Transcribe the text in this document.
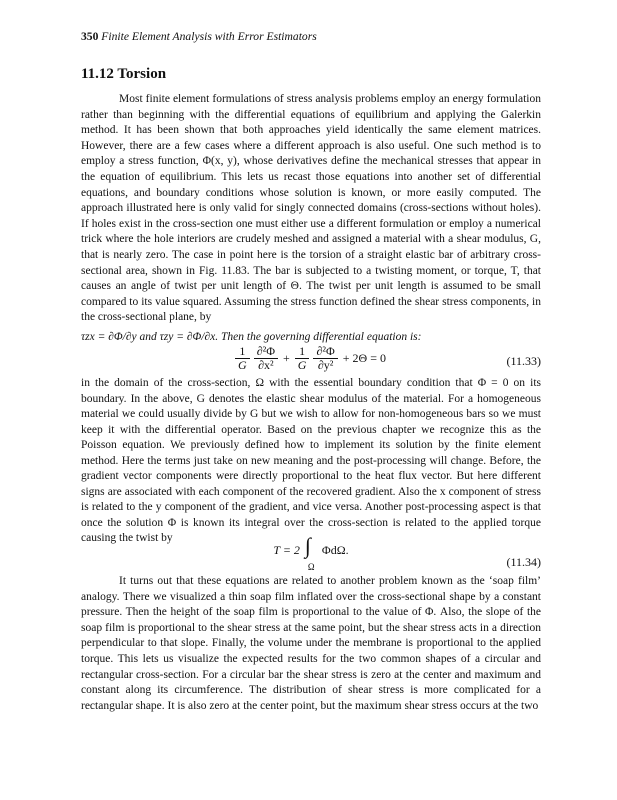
350 Finite Element Analysis with Error Estimators
11.12 Torsion

Most finite element formulations of stress analysis problems employ an energy formulation rather than beginning with the differential equations of equilibrium and applying the Galerkin method. It has been shown that both approaches yield identically the same element matrices. However, there are a few cases where a different approach is also useful. One such method is to employ a stress function, Φ(x, y), whose derivatives define the mechanical stresses that appear in the equation of equilibrium. This lets us recast those equations into another set of differential equations, and boundary conditions whose solution is known, or more easily computed. The approach illustrated here is only valid for singly connected domains (cross-sections without holes). If holes exist in the cross-section one must either use a different formulation or employ a numerical trick where the hole interiors are crudely meshed and assigned a material with a shear modulus, G, that is nearly zero. The case in point here is the torsion of a straight elastic bar of arbitrary cross-sectional area, shown in Fig. 11.83. The bar is subjected to a twisting moment, or torque, T, that causes an angle of twist per unit length of Θ. The twist per unit length is assumed to be small compared to its value squared. Assuming the stress function defined the shear stress components, in the cross-sectional plane, by

$\frac{1}{G} \frac{\text{∂²Φ}}{\text{∂x²}} + \frac{1}{G} \frac{\text{∂²Φ}}{\text{∂y²}} + 2\Theta = 0$	(11.33)
τzx = ∂Φ/∂y and τzy = ∂Φ/∂x. Then the governing differential equation is:

in the domain of the cross-section, Ω with the essential boundary condition that Φ = 0 on its boundary. In the above, G denotes the elastic shear modulus of the material. For a homogeneous material we could usually divide by G but we wish to allow for non-homogeneous bars so we must keep it with the differential operator. Based on the previous chapter we recognize this as the Poisson equation. We previously defined how to implement its solution by the finite element method. Here the terms just take on new meaning and the post-processing will change. Before, the gradient vector components were directly proportional to the heat flux vector. But here different signs are associated with each component of the recovered gradient. Also the x component of stress is related to the y component of the gradient, and vice versa. Another post-processing aspect is that once the solution Φ is known its integral over the cross-section is related to the applied torque causing the twist by

T = 2 ∫
Ω
ΦdΩ.
(11.34)

It turns out that these equations are related to another problem known as the ‘soap film’ analogy. There we visualized a thin soap film inflated over the cross-sectional shape by a constant pressure. Then the height of the soap film is proportional to the value of Φ. Also, the slope of the soap film is proportional to the shear stress at the same point, but the shear stress acts in a direction perpendicular to that slope. Finally, the volume under the membrane is proportional to the applied torque. This lets us visualize the expected results for the two common shapes of a circular and rectangular cross-section. For a circular bar the shear stress is zero at the center and maximum and constant along its circumference. The distribution of shear stress is more complicated for a rectangular shape. It is also zero at the center point, but the maximum shear stress occurs at the two
